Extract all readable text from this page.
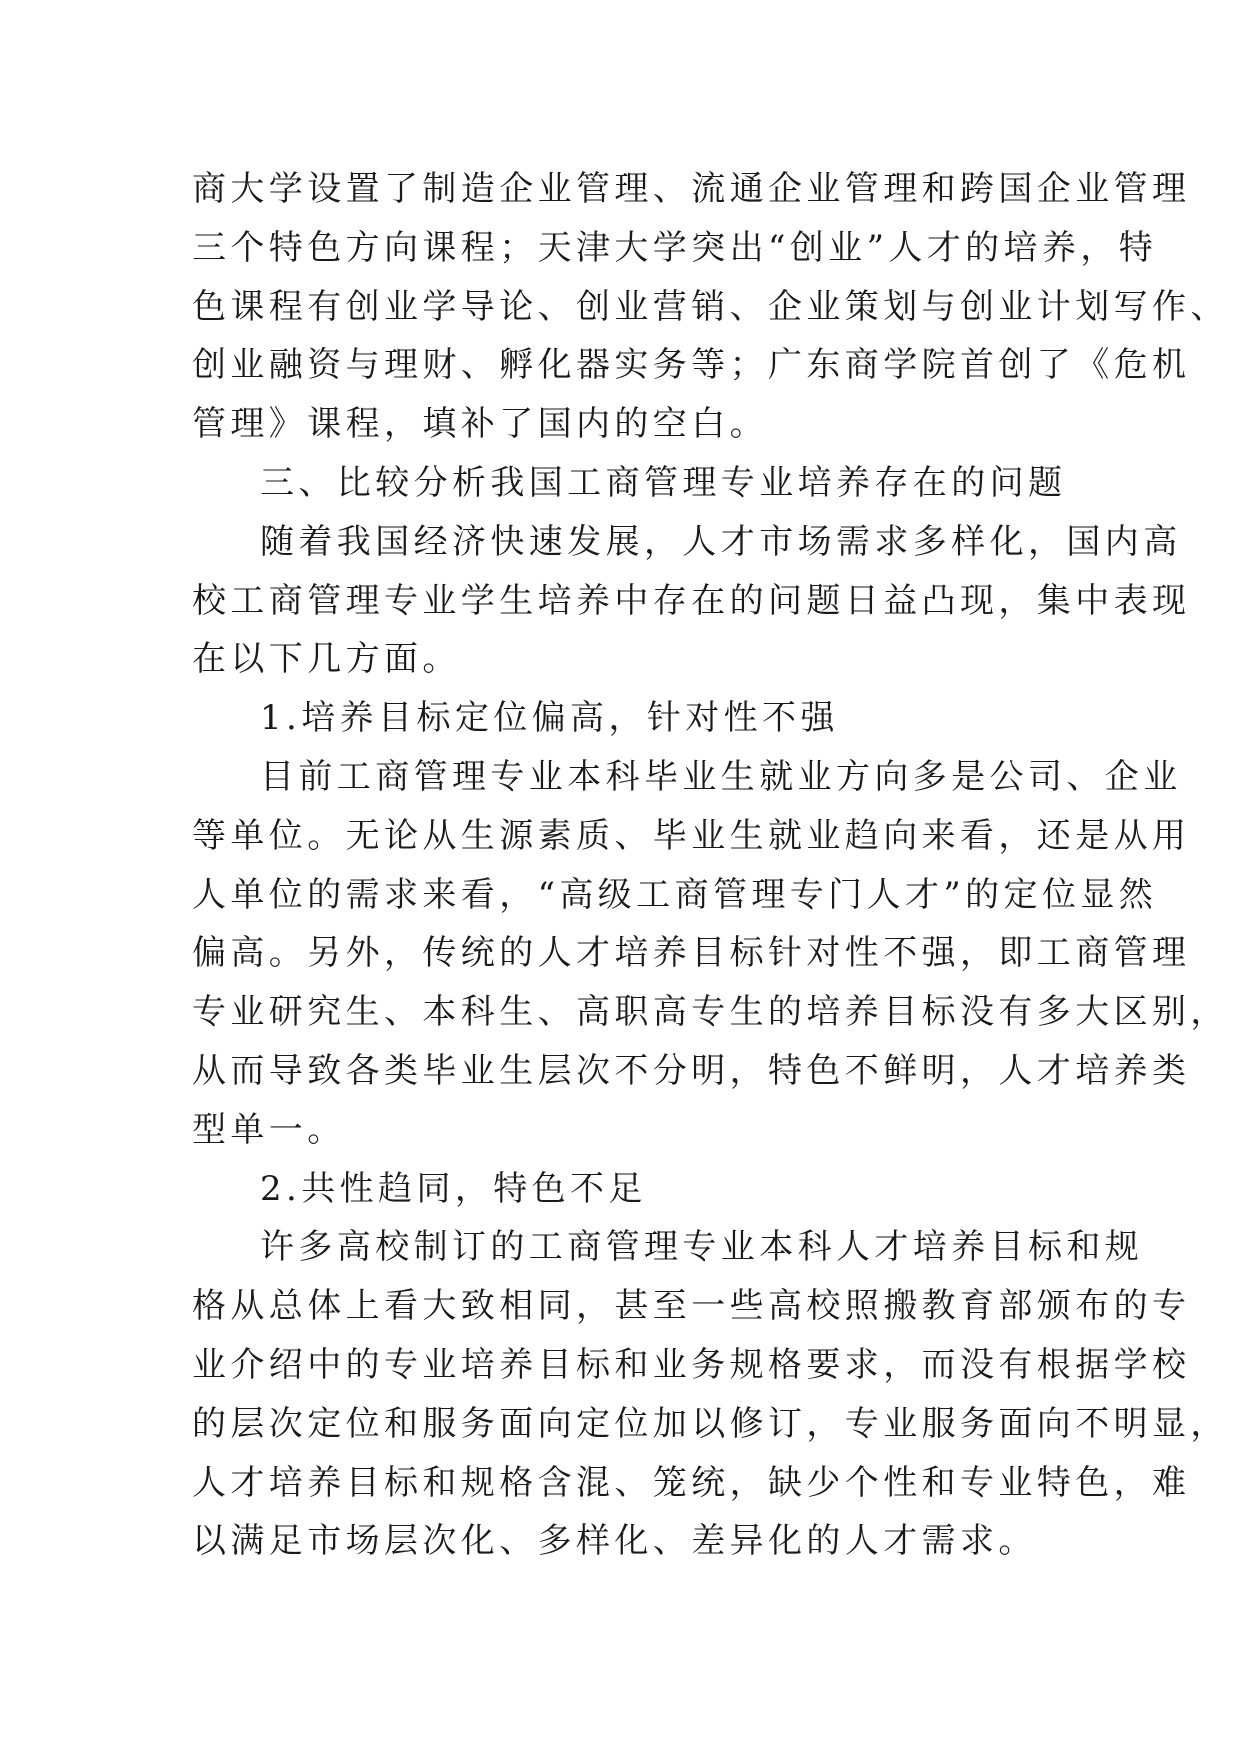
商大学设置了制造企业管理、流通企业管理和跨国企业管理
三个特色方向课程；天津大学突出“创业”人才的培养，特
色课程有创业学导论、创业营销、企业策划与创业计划写作、
创业融资与理财、孵化器实务等；广东商学院首创了《危机
管理》课程，填补了国内的空白。

三、比较分析我国工商管理专业培养存在的问题

随着我国经济快速发展，人才市场需求多样化，国内高
校工商管理专业学生培养中存在的问题日益凸现，集中表现
在以下几方面。

1.培养目标定位偏高，针对性不强

目前工商管理专业本科毕业生就业方向多是公司、企业
等单位。无论从生源素质、毕业生就业趋向来看，还是从用
人单位的需求来看，“高级工商管理专门人才”的定位显然
偏高。另外，传统的人才培养目标针对性不强，即工商管理
专业研究生、本科生、高职高专生的培养目标没有多大区别，
从而导致各类毕业生层次不分明，特色不鲜明，人才培养类
型单一。

2.共性趋同，特色不足

许多高校制订的工商管理专业本科人才培养目标和规
格从总体上看大致相同，甚至一些高校照搬教育部颁布的专
业介绍中的专业培养目标和业务规格要求，而没有根据学校
的层次定位和服务面向定位加以修订，专业服务面向不明显，
人才培养目标和规格含混、笼统，缺少个性和专业特色，难
以满足市场层次化、多样化、差异化的人才需求。
